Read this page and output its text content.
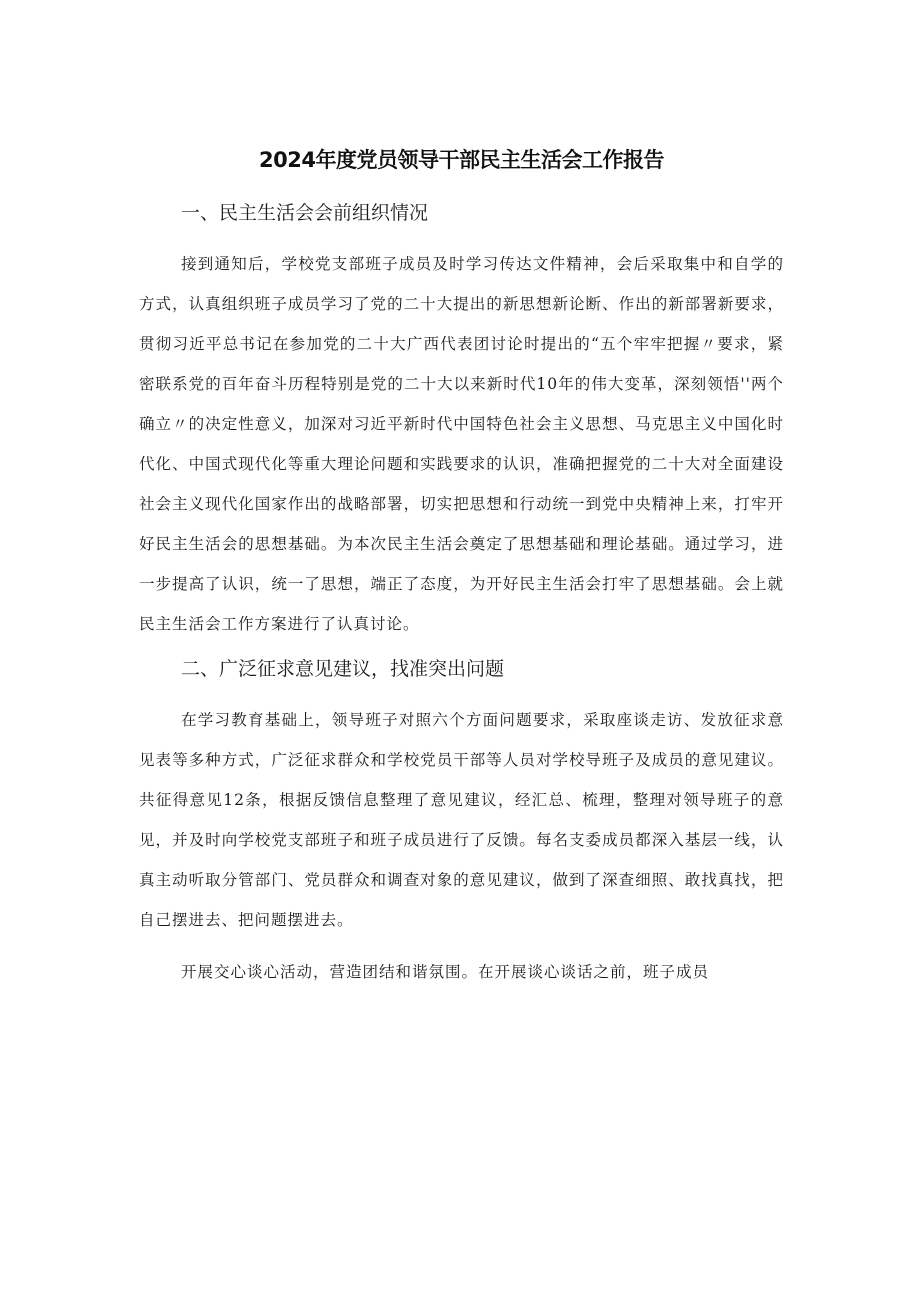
2024年度党员领导干部民主生活会工作报告
一、民主生活会会前组织情况

接到通知后，学校党支部班子成员及时学习传达文件精神，会后采取集中和自学的方式，认真组织班子成员学习了党的二十大提出的新思想新论断、作出的新部署新要求，贯彻习近平总书记在参加党的二十大广西代表团讨论时提出的“五个牢牢把握〃要求，紧密联系党的百年奋斗历程特别是党的二十大以来新时代10年的伟大变革，深刻领悟''两个确立〃的决定性意义，加深对习近平新时代中国特色社会主义思想、马克思主义中国化时代化、中国式现代化等重大理论问题和实践要求的认识，准确把握党的二十大对全面建设社会主义现代化国家作出的战略部署，切实把思想和行动统一到党中央精神上来，打牢开好民主生活会的思想基础。为本次民主生活会奠定了思想基础和理论基础。通过学习，进一步提高了认识，统一了思想，端正了态度，为开好民主生活会打牢了思想基础。会上就民主生活会工作方案进行了认真讨论。

二、广泛征求意见建议，找准突出问题

在学习教育基础上，领导班子对照六个方面问题要求，采取座谈走访、发放征求意见表等多种方式，广泛征求群众和学校党员干部等人员对学校导班子及成员的意见建议。共征得意见12条，根据反馈信息整理了意见建议，经汇总、梳理，整理对领导班子的意见，并及时向学校党支部班子和班子成员进行了反馈。每名支委成员都深入基层一线，认真主动听取分管部门、党员群众和调查对象的意见建议，做到了深查细照、敢找真找，把自己摆进去、把问题摆进去。

开展交心谈心活动，营造团结和谐氛围。在开展谈心谈话之前，班子成员
